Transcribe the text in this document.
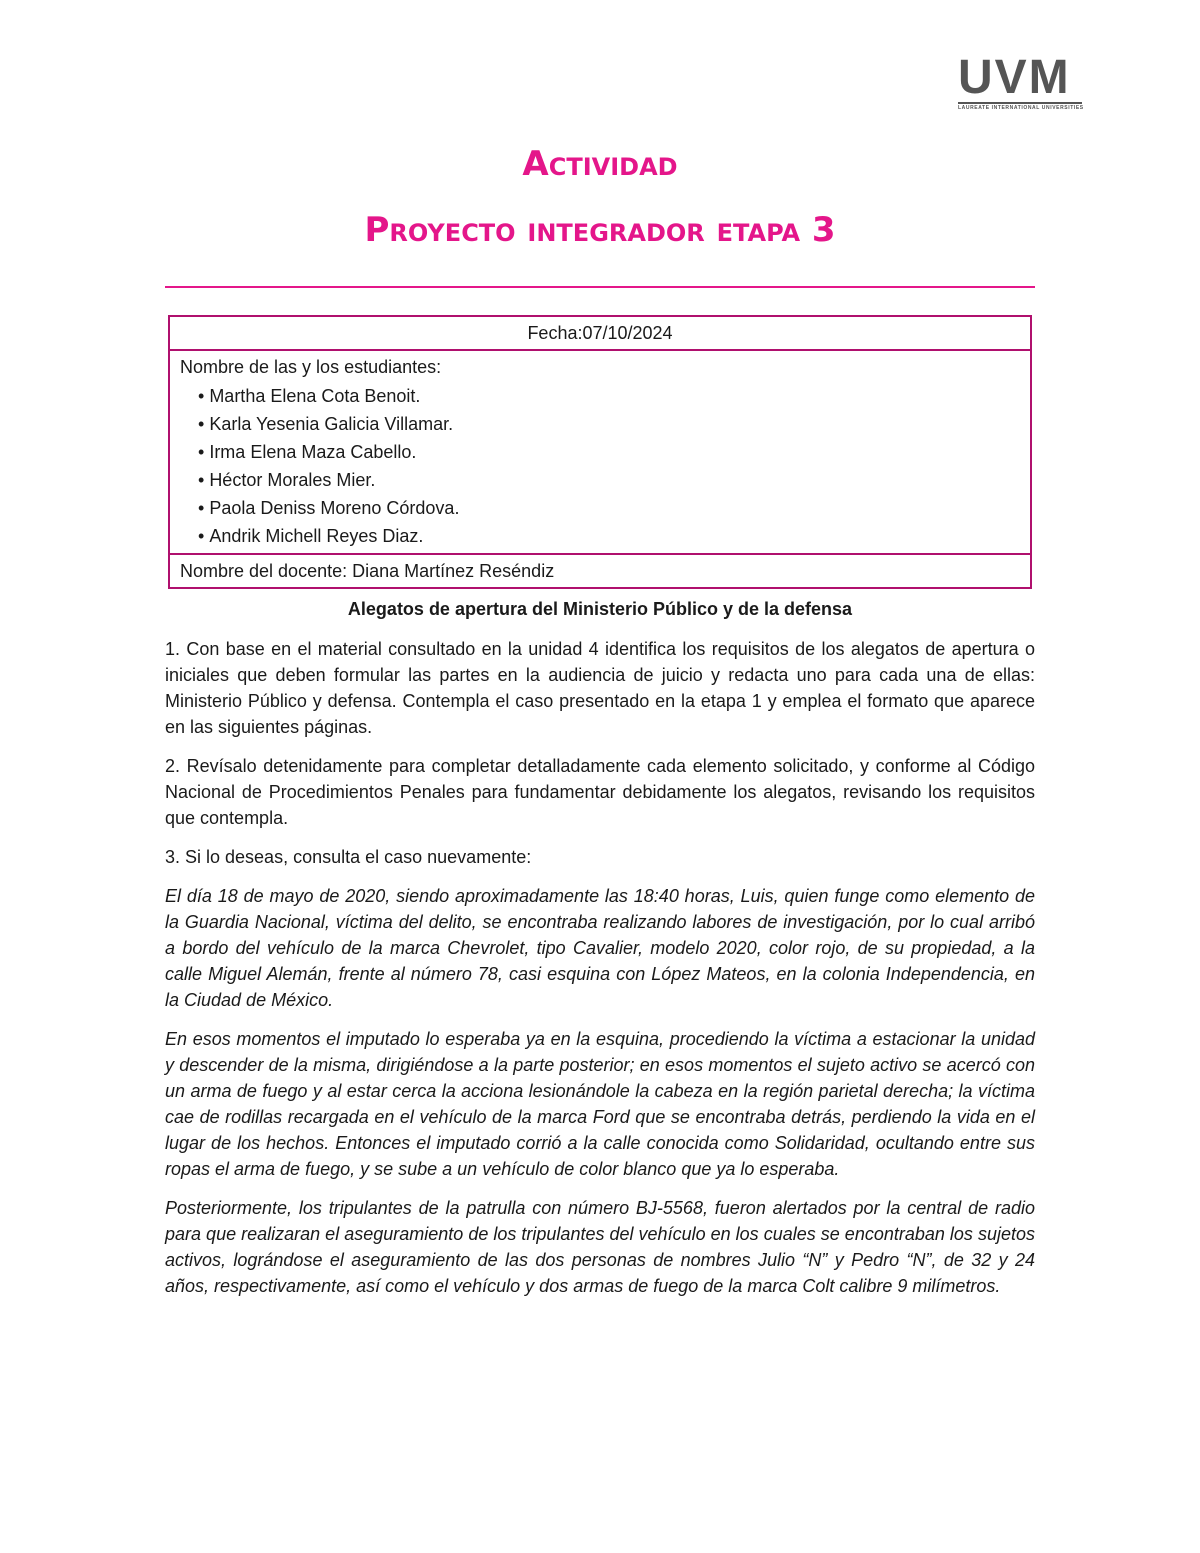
UVM
LAUREATE INTERNATIONAL UNIVERSITIES
Actividad
Proyecto integrador etapa 3
Fecha:07/10/2024

Nombre de las y los estudiantes:
• Martha Elena Cota Benoit.
• Karla Yesenia Galicia Villamar.
• Irma Elena Maza Cabello.
• Héctor Morales Mier.
• Paola Deniss Moreno Córdova.
• Andrik Michell Reyes Diaz.

Nombre del docente: Diana Martínez Reséndiz
Alegatos de apertura del Ministerio Público y de la defensa

1. Con base en el material consultado en la unidad 4 identifica los requisitos de los alegatos de apertura o iniciales que deben formular las partes en la audiencia de juicio y redacta uno para cada una de ellas: Ministerio Público y defensa. Contempla el caso presentado en la etapa 1 y emplea el formato que aparece en las siguientes páginas.

2. Revísalo detenidamente para completar detalladamente cada elemento solicitado, y conforme al Código Nacional de Procedimientos Penales para fundamentar debidamente los alegatos, revisando los requisitos que contempla.

3. Si lo deseas, consulta el caso nuevamente:

El día 18 de mayo de 2020, siendo aproximadamente las 18:40 horas, Luis, quien funge como elemento de la Guardia Nacional, víctima del delito, se encontraba realizando labores de investigación, por lo cual arribó a bordo del vehículo de la marca Chevrolet, tipo Cavalier, modelo 2020, color rojo, de su propiedad, a la calle Miguel Alemán, frente al número 78, casi esquina con López Mateos, en la colonia Independencia, en la Ciudad de México.

En esos momentos el imputado lo esperaba ya en la esquina, procediendo la víctima a estacionar la unidad y descender de la misma, dirigiéndose a la parte posterior; en esos momentos el sujeto activo se acercó con un arma de fuego y al estar cerca la acciona lesionándole la cabeza en la región parietal derecha; la víctima cae de rodillas recargada en el vehículo de la marca Ford que se encontraba detrás, perdiendo la vida en el lugar de los hechos. Entonces el imputado corrió a la calle conocida como Solidaridad, ocultando entre sus ropas el arma de fuego, y se sube a un vehículo de color blanco que ya lo esperaba.

Posteriormente, los tripulantes de la patrulla con número BJ-5568, fueron alertados por la central de radio para que realizaran el aseguramiento de los tripulantes del vehículo en los cuales se encontraban los sujetos activos, lográndose el aseguramiento de las dos personas de nombres Julio “N” y Pedro “N”, de 32 y 24 años, respectivamente, así como el vehículo y dos armas de fuego de la marca Colt calibre 9 milímetros.
